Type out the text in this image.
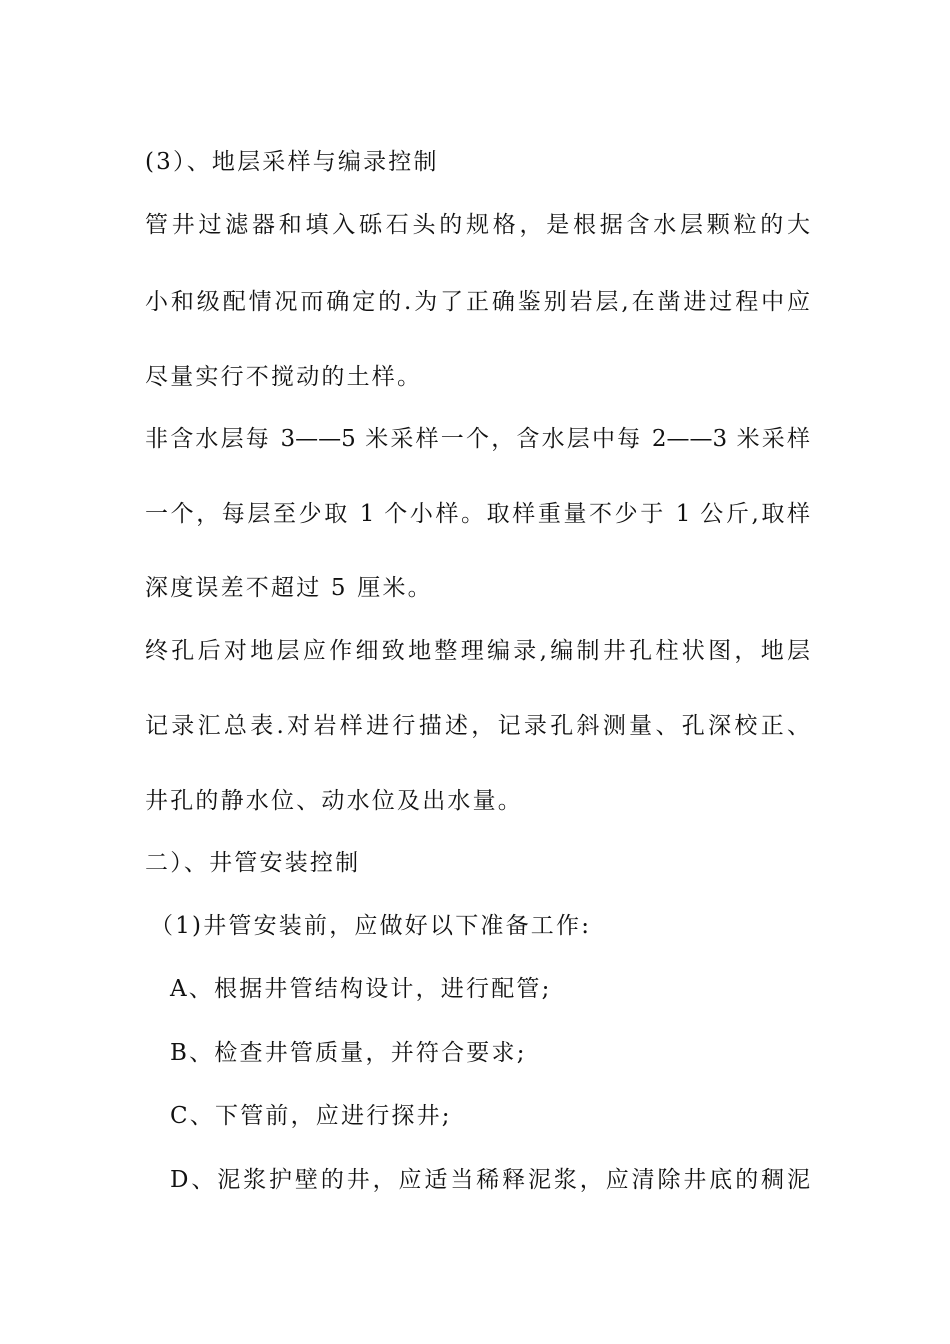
(3）、地层采样与编录控制
管井过滤器和填入砾石头的规格，是根据含水层颗粒的大
小和级配情况而确定的.为了正确鉴别岩层,在凿进过程中应
尽量实行不搅动的土样。
非含水层每 3——5 米采样一个，含水层中每 2——3 米采样
一个，每层至少取 1 个小样。取样重量不少于 1 公斤,取样
深度误差不超过 5 厘米。
终孔后对地层应作细致地整理编录,编制井孔柱状图，地层
记录汇总表.对岩样进行描述，记录孔斜测量、孔深校正、
井孔的静水位、动水位及出水量。
二）、井管安装控制
（1)井管安装前，应做好以下准备工作:
A、根据井管结构设计，进行配管;
B、检查井管质量，并符合要求;
C、下管前，应进行探井;
D、泥浆护壁的井，应适当稀释泥浆，应清除井底的稠泥
